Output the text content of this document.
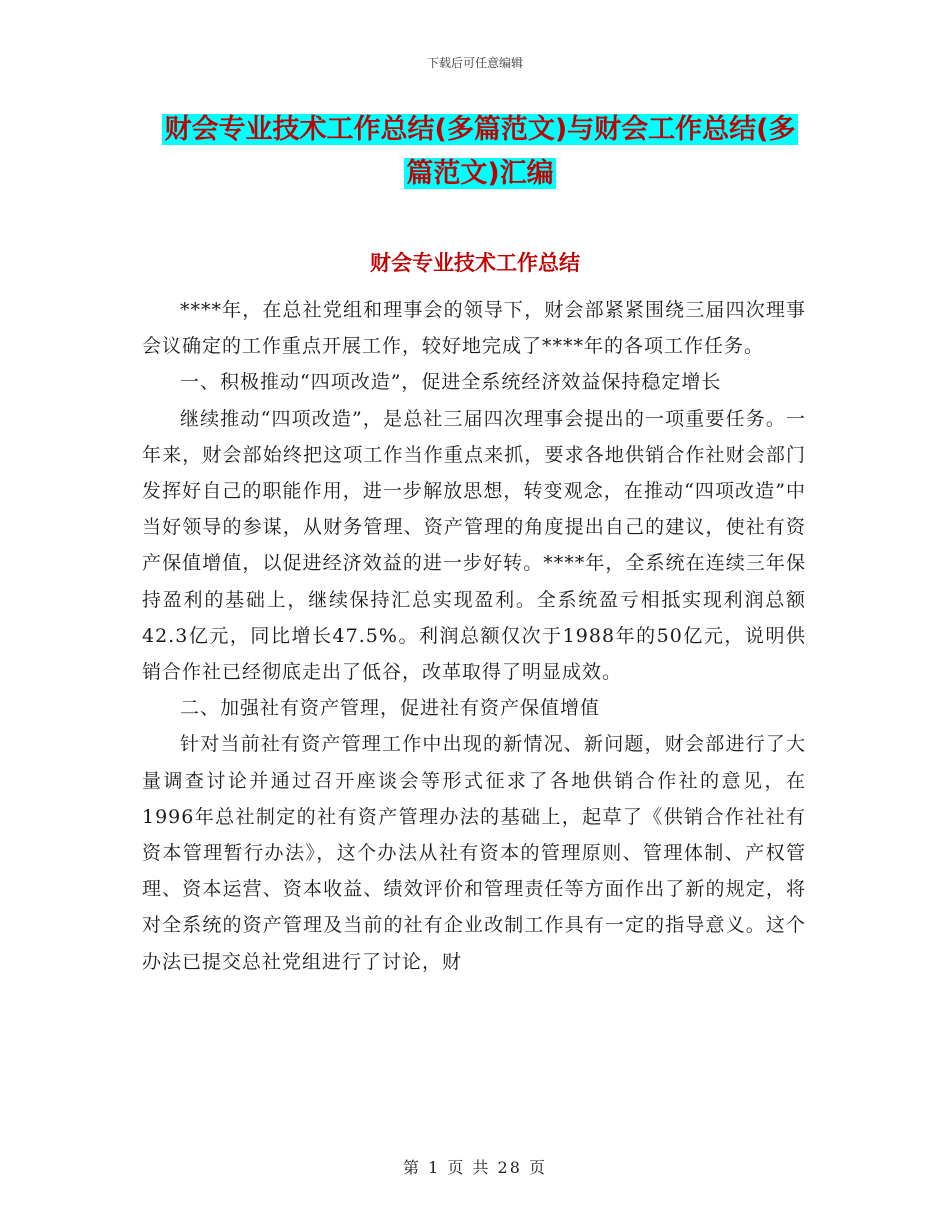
下载后可任意编辑
财会专业技术工作总结(多篇范文)与财会工作总结(多
篇范文)汇编
财会专业技术工作总结

****年，在总社党组和理事会的领导下，财会部紧紧围绕三届四次理事会议确定的工作重点开展工作，较好地完成了****年的各项工作任务。

一、积极推动“四项改造”，促进全系统经济效益保持稳定增长

继续推动“四项改造”，是总社三届四次理事会提出的一项重要任务。一年来，财会部始终把这项工作当作重点来抓，要求各地供销合作社财会部门发挥好自己的职能作用，进一步解放思想，转变观念，在推动“四项改造”中当好领导的参谋，从财务管理、资产管理的角度提出自己的建议，使社有资产保值增值，以促进经济效益的进一步好转。****年，全系统在连续三年保持盈利的基础上，继续保持汇总实现盈利。全系统盈亏相抵实现利润总额42.3亿元，同比增长47.5%。利润总额仅次于1988年的50亿元，说明供销合作社已经彻底走出了低谷，改革取得了明显成效。

二、加强社有资产管理，促进社有资产保值增值

针对当前社有资产管理工作中出现的新情况、新问题，财会部进行了大量调查讨论并通过召开座谈会等形式征求了各地供销合作社的意见，在1996年总社制定的社有资产管理办法的基础上，起草了《供销合作社社有资本管理暂行办法》，这个办法从社有资本的管理原则、管理体制、产权管理、资本运营、资本收益、绩效评价和管理责任等方面作出了新的规定，将对全系统的资产管理及当前的社有企业改制工作具有一定的指导意义。这个办法已提交总社党组进行了讨论，财

第 1 页 共 28 页
